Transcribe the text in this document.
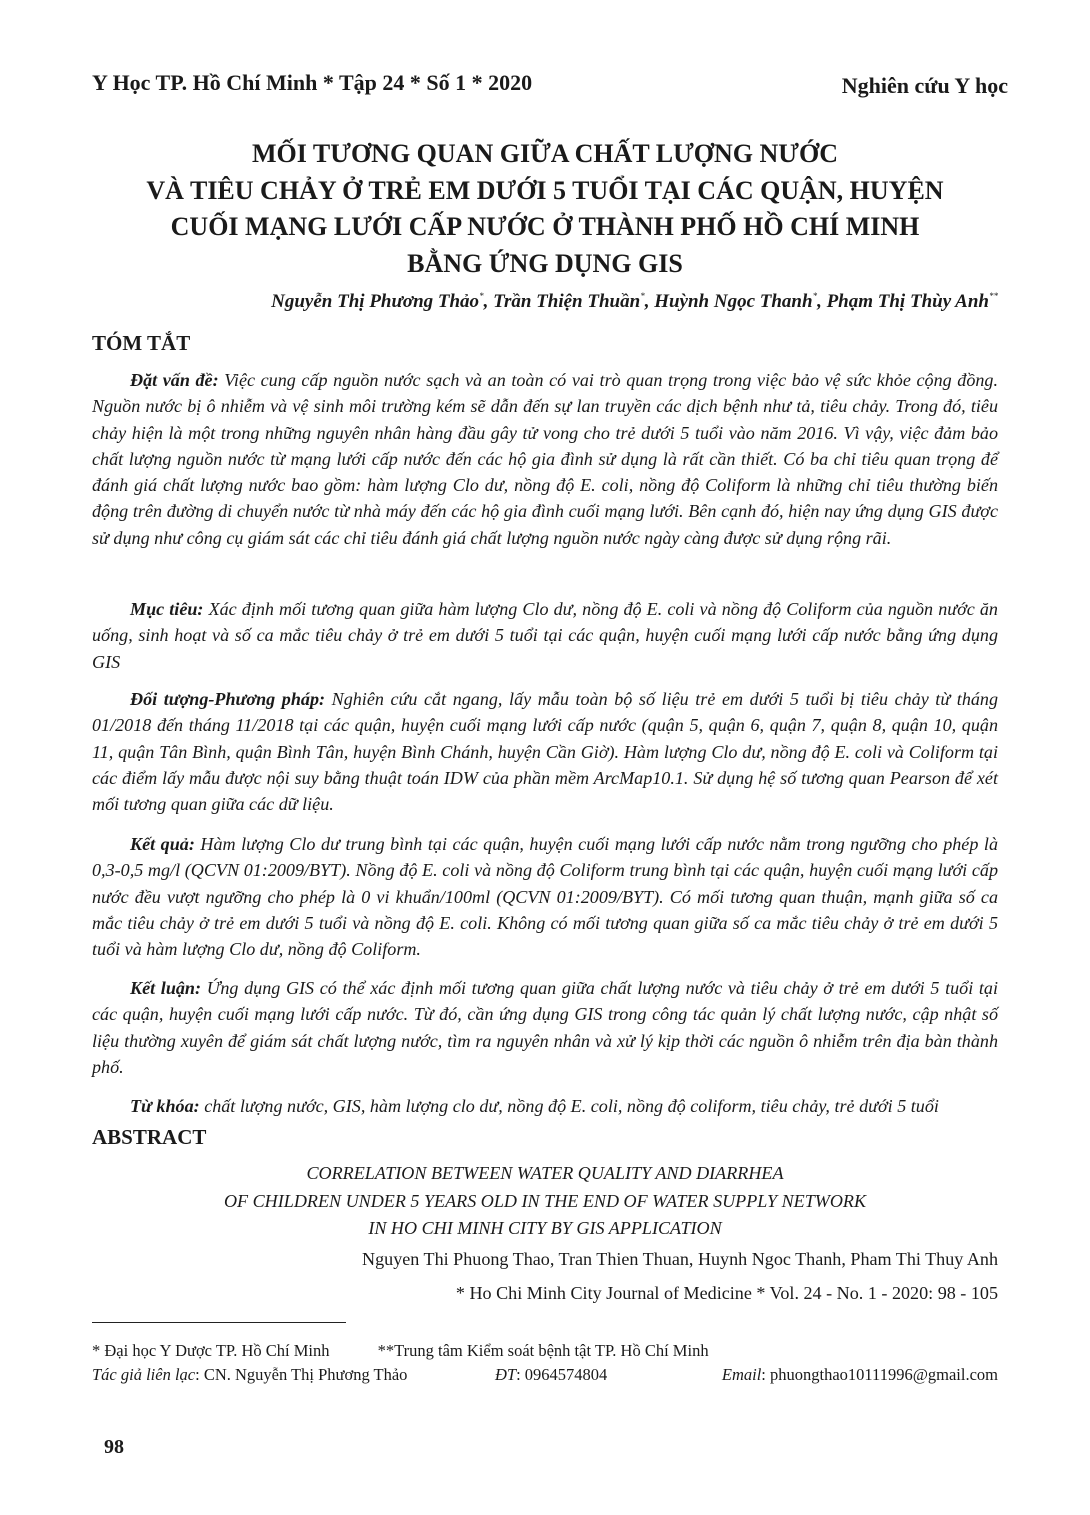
Y Học TP. Hồ Chí Minh * Tập 24 * Số 1 * 2020	Nghiên cứu Y học
MỐI TƯƠNG QUAN GIỮA CHẤT LƯỢNG NƯỚC
VÀ TIÊU CHẢY Ở TRẺ EM DƯỚI 5 TUỔI TẠI CÁC QUẬN, HUYỆN
CUỐI MẠNG LƯỚI CẤP NƯỚC Ở THÀNH PHỐ HỒ CHÍ MINH
BẰNG ỨNG DỤNG GIS
Nguyễn Thị Phương Thảo*, Trần Thiện Thuần*, Huỳnh Ngọc Thanh*, Phạm Thị Thùy Anh**
TÓM TẮT
Đặt vấn đề: Việc cung cấp nguồn nước sạch và an toàn có vai trò quan trọng trong việc bảo vệ sức khỏe cộng đồng. Nguồn nước bị ô nhiễm và vệ sinh môi trường kém sẽ dẫn đến sự lan truyền các dịch bệnh như tả, tiêu chảy. Trong đó, tiêu chảy hiện là một trong những nguyên nhân hàng đầu gây tử vong cho trẻ dưới 5 tuổi vào năm 2016. Vì vậy, việc đảm bảo chất lượng nguồn nước từ mạng lưới cấp nước đến các hộ gia đình sử dụng là rất cần thiết. Có ba chỉ tiêu quan trọng để đánh giá chất lượng nước bao gồm: hàm lượng Clo dư, nồng độ E. coli, nồng độ Coliform là những chỉ tiêu thường biến động trên đường di chuyển nước từ nhà máy đến các hộ gia đình cuối mạng lưới. Bên cạnh đó, hiện nay ứng dụng GIS được sử dụng như công cụ giám sát các chỉ tiêu đánh giá chất lượng nguồn nước ngày càng được sử dụng rộng rãi.
Mục tiêu: Xác định mối tương quan giữa hàm lượng Clo dư, nồng độ E. coli và nồng độ Coliform của nguồn nước ăn uống, sinh hoạt và số ca mắc tiêu chảy ở trẻ em dưới 5 tuổi tại các quận, huyện cuối mạng lưới cấp nước bằng ứng dụng GIS
Đối tượng-Phương pháp: Nghiên cứu cắt ngang, lấy mẫu toàn bộ số liệu trẻ em dưới 5 tuổi bị tiêu chảy từ tháng 01/2018 đến tháng 11/2018 tại các quận, huyện cuối mạng lưới cấp nước (quận 5, quận 6, quận 7, quận 8, quận 10, quận 11, quận Tân Bình, quận Bình Tân, huyện Bình Chánh, huyện Cần Giờ). Hàm lượng Clo dư, nồng độ E. coli và Coliform tại các điểm lấy mẫu được nội suy bằng thuật toán IDW của phần mềm ArcMap10.1. Sử dụng hệ số tương quan Pearson để xét mối tương quan giữa các dữ liệu.
Kết quả: Hàm lượng Clo dư trung bình tại các quận, huyện cuối mạng lưới cấp nước nằm trong ngưỡng cho phép là 0,3-0,5 mg/l (QCVN 01:2009/BYT). Nồng độ E. coli và nồng độ Coliform trung bình tại các quận, huyện cuối mạng lưới cấp nước đều vượt ngưỡng cho phép là 0 vi khuẩn/100ml (QCVN 01:2009/BYT). Có mối tương quan thuận, mạnh giữa số ca mắc tiêu chảy ở trẻ em dưới 5 tuổi và nồng độ E. coli. Không có mối tương quan giữa số ca mắc tiêu chảy ở trẻ em dưới 5 tuổi và hàm lượng Clo dư, nồng độ Coliform.
Kết luận: Ứng dụng GIS có thể xác định mối tương quan giữa chất lượng nước và tiêu chảy ở trẻ em dưới 5 tuổi tại các quận, huyện cuối mạng lưới cấp nước. Từ đó, cần ứng dụng GIS trong công tác quản lý chất lượng nước, cập nhật số liệu thường xuyên để giám sát chất lượng nước, tìm ra nguyên nhân và xử lý kịp thời các nguồn ô nhiễm trên địa bàn thành phố.
Từ khóa: chất lượng nước, GIS, hàm lượng clo dư, nồng độ E. coli, nồng độ coliform, tiêu chảy, trẻ dưới 5 tuổi
ABSTRACT
CORRELATION BETWEEN WATER QUALITY AND DIARRHEA
OF CHILDREN UNDER 5 YEARS OLD IN THE END OF WATER SUPPLY NETWORK
IN HO CHI MINH CITY BY GIS APPLICATION
Nguyen Thi Phuong Thao, Tran Thien Thuan, Huynh Ngoc Thanh, Pham Thi Thuy Anh
* Ho Chi Minh City Journal of Medicine * Vol. 24 - No. 1 - 2020: 98 - 105
* Đại học Y Dược TP. Hồ Chí Minh	**Trung tâm Kiểm soát bệnh tật TP. Hồ Chí Minh
Tác giả liên lạc: CN. Nguyễn Thị Phương Thảo	ĐT: 0964574804	Email: phuongthao10111996@gmail.com
98
